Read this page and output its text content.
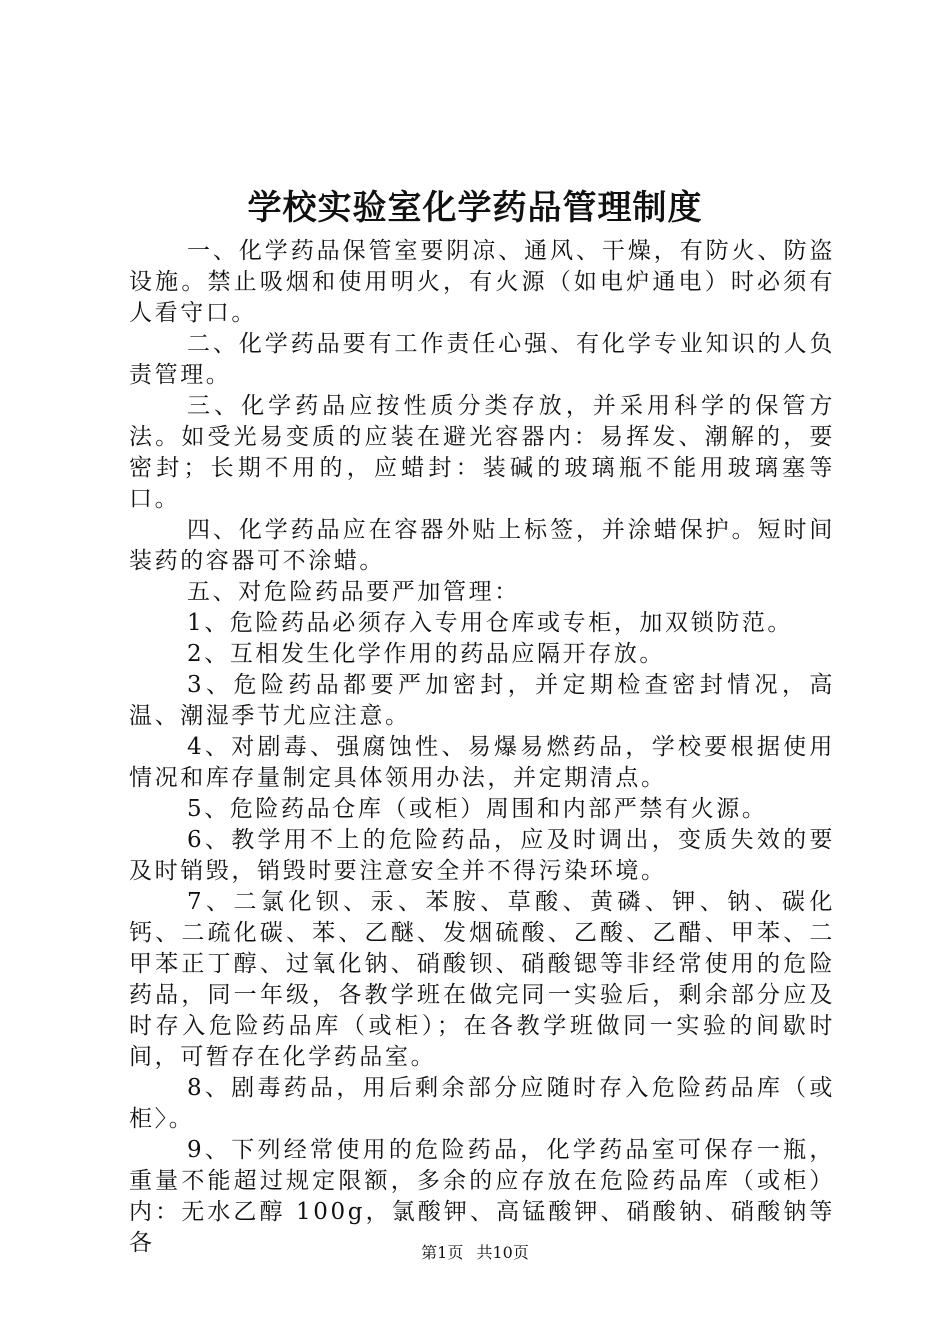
学校实验室化学药品管理制度

一、化学药品保管室要阴凉、通风、干燥，有防火、防盗设施。禁止吸烟和使用明火，有火源（如电炉通电）时必须有人看守口。

二、化学药品要有工作责任心强、有化学专业知识的人负责管理。

三、化学药品应按性质分类存放，并采用科学的保管方法。如受光易变质的应装在避光容器内：易挥发、潮解的，要密封；长期不用的，应蜡封：装碱的玻璃瓶不能用玻璃塞等口。

四、化学药品应在容器外贴上标签，并涂蜡保护。短时间装药的容器可不涂蜡。

五、对危险药品要严加管理：

1、危险药品必须存入专用仓库或专柜，加双锁防范。

2、互相发生化学作用的药品应隔开存放。

3、危险药品都要严加密封，并定期检查密封情况，高温、潮湿季节尤应注意。

4、对剧毒、强腐蚀性、易爆易燃药品，学校要根据使用情况和库存量制定具体领用办法，并定期清点。

5、危险药品仓库（或柜）周围和内部严禁有火源。

6、教学用不上的危险药品，应及时调出，变质失效的要及时销毁，销毁时要注意安全并不得污染环境。

7、二氯化钡、汞、苯胺、草酸、黄磷、钾、钠、碳化钙、二疏化碳、苯、乙醚、发烟硫酸、乙酸、乙醋、甲苯、二甲苯正丁醇、过氧化钠、硝酸钡、硝酸锶等非经常使用的危险药品，同一年级，各教学班在做完同一实验后，剩余部分应及时存入危险药品库（或柜）；在各教学班做同一实验的间歇时间，可暂存在化学药品室。

8、剧毒药品，用后剩余部分应随时存入危险药品库（或柜〉。

9、下列经常使用的危险药品，化学药品室可保存一瓶，重量不能超过规定限额，多余的应存放在危险药品库（或柜）内：无水乙醇 100g，氯酸钾、高锰酸钾、硝酸钠、硝酸钠等各	第1页 共10页
